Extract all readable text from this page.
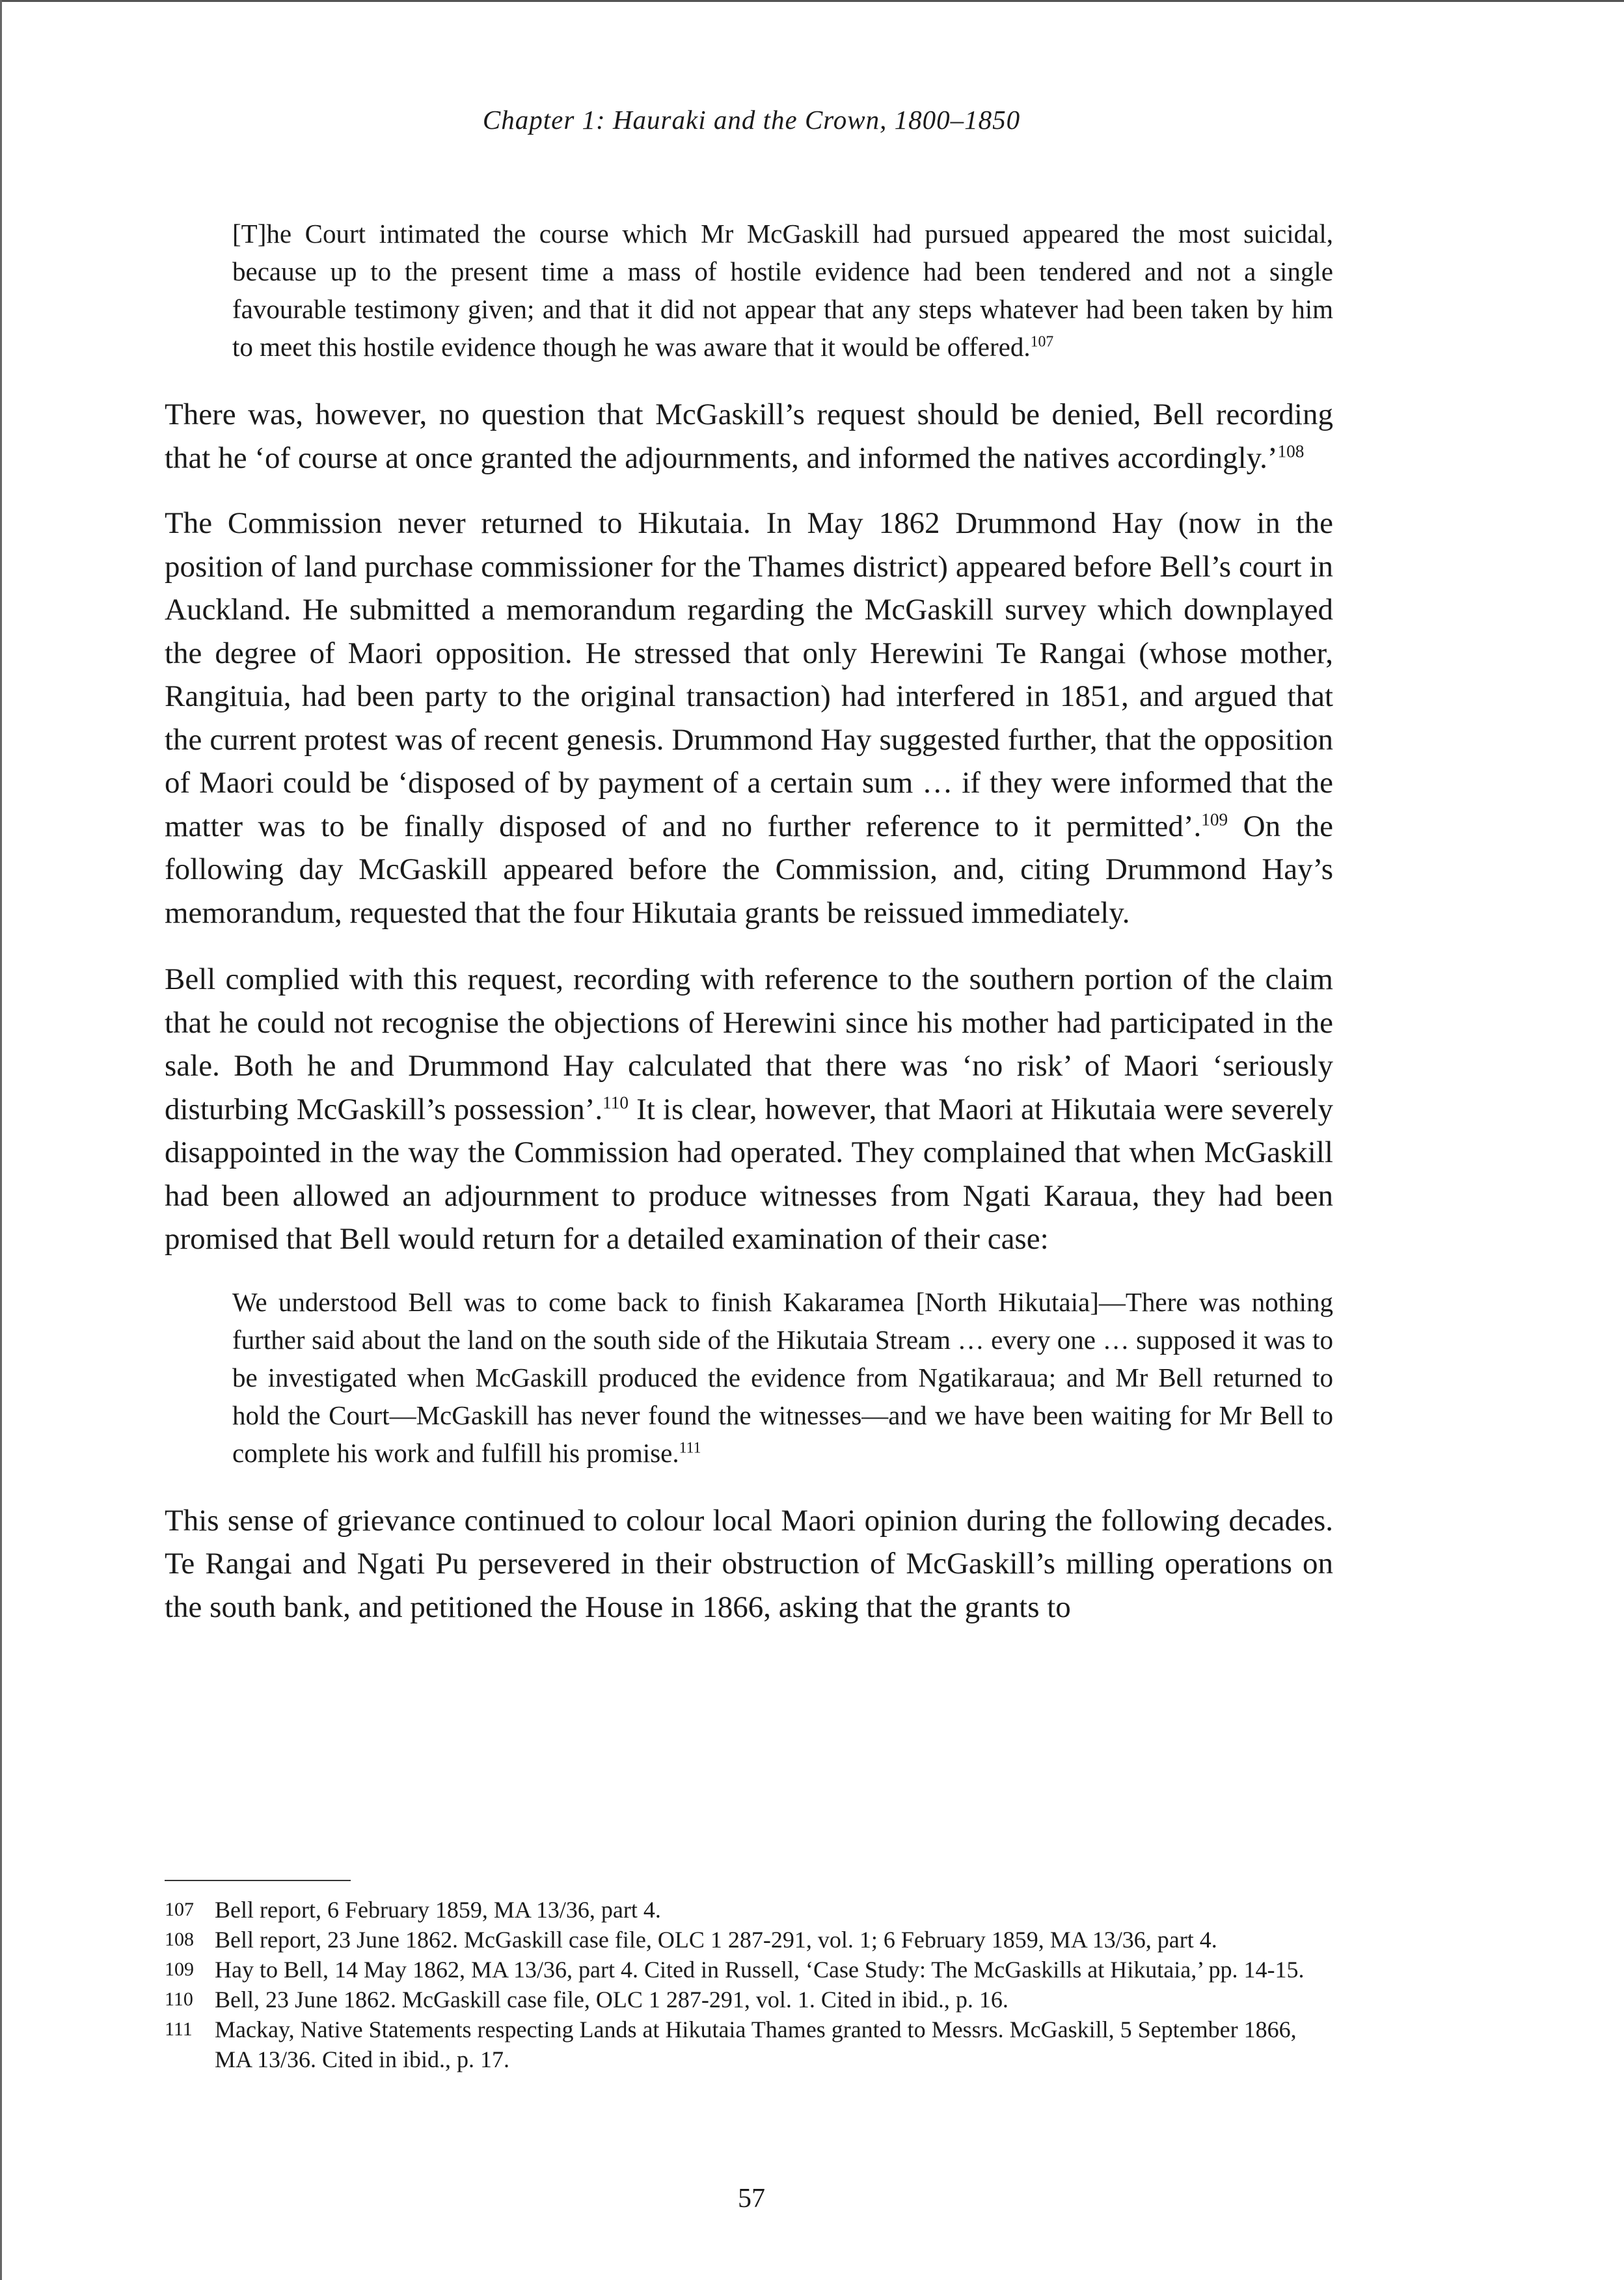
Chapter 1: Hauraki and the Crown, 1800–1850

[T]he Court intimated the course which Mr McGaskill had pursued appeared the most suicidal, because up to the present time a mass of hostile evidence had been tendered and not a single favourable testimony given; and that it did not appear that any steps whatever had been taken by him to meet this hostile evidence though he was aware that it would be offered.$^{107}$

There was, however, no question that McGaskill’s request should be denied, Bell recording that he ‘of course at once granted the adjournments, and informed the natives accordingly.’$^{108}$

The Commission never returned to Hikutaia. In May 1862 Drummond Hay (now in the position of land purchase commissioner for the Thames district) appeared before Bell’s court in Auckland. He submitted a memorandum regarding the McGaskill survey which downplayed the degree of Maori opposition. He stressed that only Herewini Te Rangai (whose mother, Rangituia, had been party to the original transaction) had interfered in 1851, and argued that the current protest was of recent genesis. Drummond Hay suggested further, that the opposition of Maori could be ‘disposed of by payment of a certain sum … if they were informed that the matter was to be finally disposed of and no further reference to it permitted’.$^{109}$ On the following day McGaskill appeared before the Commission, and, citing Drummond Hay’s memorandum, requested that the four Hikutaia grants be reissued immediately.

Bell complied with this request, recording with reference to the southern portion of the claim that he could not recognise the objections of Herewini since his mother had participated in the sale. Both he and Drummond Hay calculated that there was ‘no risk’ of Maori ‘seriously disturbing McGaskill’s possession’.$^{110}$ It is clear, however, that Maori at Hikutaia were severely disappointed in the way the Commission had operated. They complained that when McGaskill had been allowed an adjournment to produce witnesses from Ngati Karaua, they had been promised that Bell would return for a detailed examination of their case:

We understood Bell was to come back to finish Kakaramea [North Hikutaia]—There was nothing further said about the land on the south side of the Hikutaia Stream … every one … supposed it was to be investigated when McGaskill produced the evidence from Ngatikaraua; and Mr Bell returned to hold the Court—McGaskill has never found the witnesses—and we have been waiting for Mr Bell to complete his work and fulfill his promise.$^{111}$

This sense of grievance continued to colour local Maori opinion during the following decades. Te Rangai and Ngati Pu persevered in their obstruction of McGaskill’s milling operations on the south bank, and petitioned the House in 1866, asking that the grants to

107 Bell report, 6 February 1859, MA 13/36, part 4.
108 Bell report, 23 June 1862. McGaskill case file, OLC 1 287-291, vol. 1; 6 February 1859, MA 13/36, part 4.
109 Hay to Bell, 14 May 1862, MA 13/36, part 4. Cited in Russell, ‘Case Study: The McGaskills at Hikutaia,’ pp. 14-15.
110 Bell, 23 June 1862. McGaskill case file, OLC 1 287-291, vol. 1. Cited in ibid., p. 16.
111 Mackay, Native Statements respecting Lands at Hikutaia Thames granted to Messrs. McGaskill, 5 September 1866, MA 13/36. Cited in ibid., p. 17.
57
